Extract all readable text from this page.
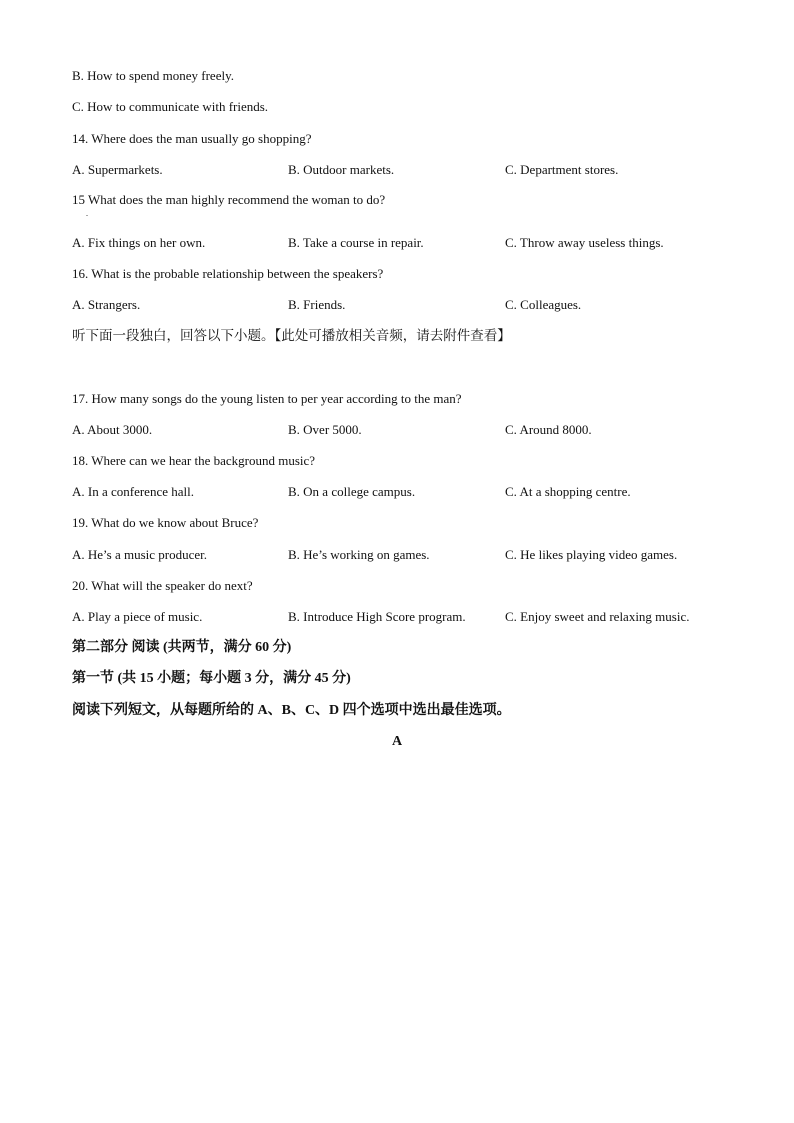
B. How to spend money freely.
C. How to communicate with friends.
14. Where does the man usually go shopping?
A. Supermarkets.	B. Outdoor markets.	C. Department stores.
15 What does the man highly recommend the woman to do?
.
A. Fix things on her own.	B. Take a course in repair.	C. Throw away useless things.
16. What is the probable relationship between the speakers?
A. Strangers.	B. Friends.	C. Colleagues.
听下面一段独白，回答以下小题。【此处可播放相关音频，请去附件查看】
17. How many songs do the young listen to per year according to the man?
A. About 3000.	B. Over 5000.	C. Around 8000.
18. Where can we hear the background music?
A. In a conference hall.	B. On a college campus.	C. At a shopping centre.
19. What do we know about Bruce?
A. He’s a music producer.	B. He’s working on games.	C. He likes playing video games.
20. What will the speaker do next?
A. Play a piece of music.	B. Introduce High Score program.	C. Enjoy sweet and relaxing music.
第二部分 阅读 (共两节，满分 60 分)
第一节 (共 15 小题；每小题 3 分，满分 45 分)
阅读下列短文，从每题所给的 A、B、C、D 四个选项中选出最佳选项。
A
